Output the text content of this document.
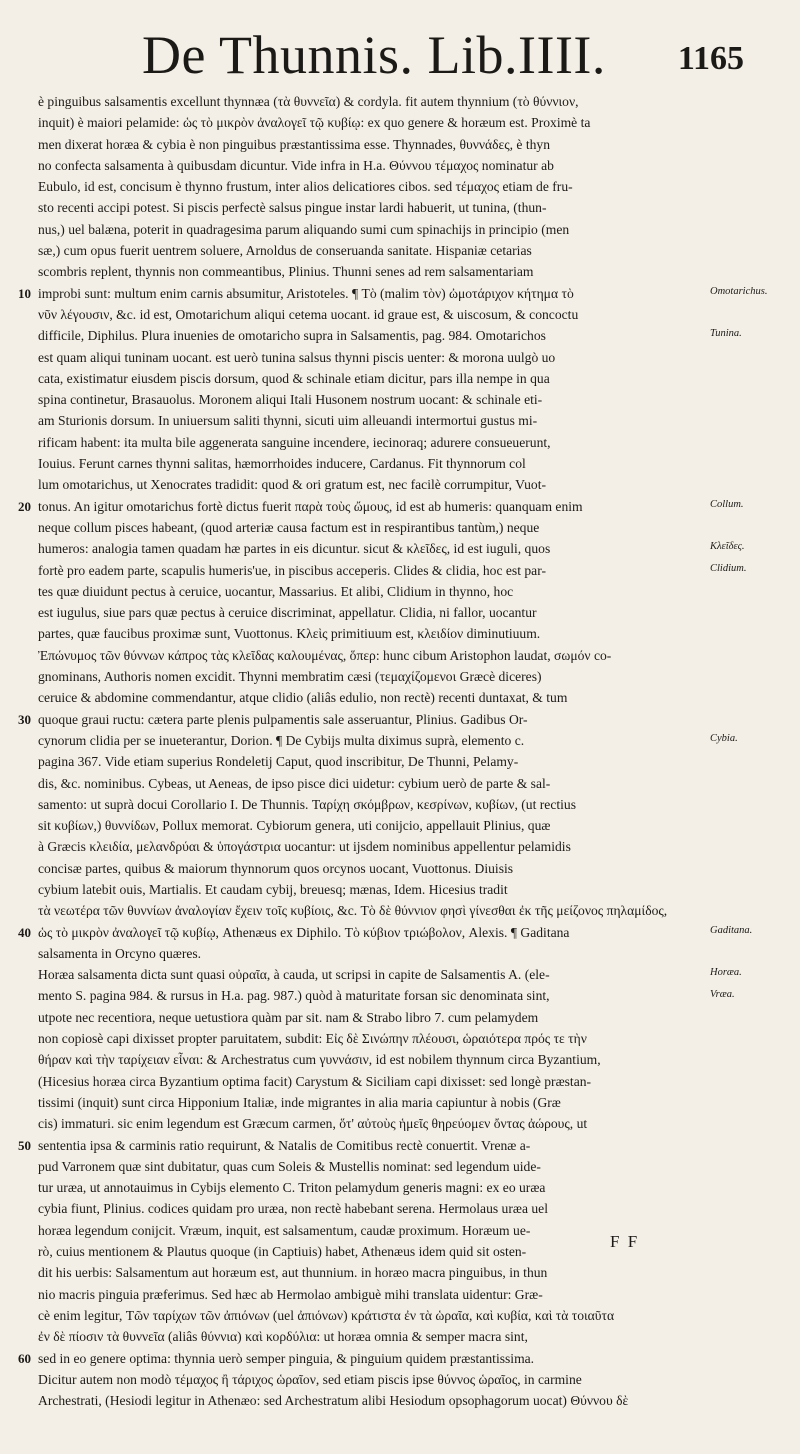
De Thunnis. Lib.IIII. 1165
è pinguibus salsamentis excellunt thynnæa (τὰ θυννεῖα) & cordyla. fit autem thynnium (τὸ θύννιον,
inquit) è maiori pelamide: ὡς τὸ μικρὸν ἀναλογεῖ τῷ κυβίῳ: ex quo genere & horæum est. Proximè ta
men dixerat horæa & cybia è non pinguibus præstantissima esse. Thynnades, θυννάδες, è thyn
no confecta salsamenta à quibusdam dicuntur. Vide infra in H.a. Θύννου τέμαχος nominatur ab
Eubulo, id est, concisum è thynno frustum, inter alios delicatiores cibos. sed τέμαχος etiam de fru-
sto recenti accipi potest. Si piscis perfectè salsus pingue instar lardi habuerit, ut tunina, (thun-
nus,) uel balæna, poterit in quadragesima parum aliquando sumi cum spinachijs in principio (men
sæ,) cum opus fuerit uentrem soluere, Arnoldus de conseruanda sanitate. Hispaniæ cetarias
scombris replent, thynnis non commeantibus, Plinius. Thunni senes ad rem salsamentariam
10 improbi sunt: multum enim carnis absumitur, Aristoteles. ¶ Τὸ (malim τὸν) ὠμοτάριχον κήτημα τὸ
νῦν λέγουσιν, &c. id est, Omotarichum aliqui cetema uocant. id graue est, & uiscosum, & concoctu
difficile, Diphilus. Plura inuenies de omotaricho supra in Salsamentis, pag. 984. Omotarichos
est quam aliqui tuninam uocant. est uerò tunina salsus thynni piscis uenter: & morona uulgò uo
cata, existimatur eiusdem piscis dorsum, quod & schinale etiam dicitur, pars illa nempe in qua
spina continetur, Brasauolus. Moronem aliqui Itali Husonem nostrum uocant: & schinale eti-
am Sturionis dorsum. In uniuersum saliti thynni, sicuti uim alleuandi intermortui gustus mi-
rificam habent: ita multa bile aggenerata sanguine incendere, iecinoraq; adurere consueuerunt,
Iouius. Ferunt carnes thynni salitas, hæmorrhoides inducere, Cardanus. Fit thynnorum col
lum omotarichus, ut Xenocrates tradidit: quod & ori gratum est, nec facilè corrumpitur, Vuot-
20 tonus. An igitur omotarichus fortè dictus fuerit παρὰ τοὺς ὤμους, id est ab humeris: quanquam enim
neque collum pisces habeant, (quod arteriæ causa factum est in respirantibus tantùm,) neque
humeros: analogia tamen quadam hæ partes in eis dicuntur. sicut & κλεῖδες, id est iuguli, quos
fortè pro eadem parte, scapulis humeris'ue, in piscibus acceperis. Clides & clidia, hoc est par-
tes quæ diuidunt pectus à ceruice, uocantur, Massarius. Et alibi, Clidium in thynno, hoc
est iugulus, siue pars quæ pectus à ceruice discriminat, appellatur. Clidia, ni fallor, uocantur
partes, quæ faucibus proximæ sunt, Vuottonus. Κλεὶς primitiuum est, κλειδίον diminutiuum.
Ἐπώνυμος τῶν θύννων κάπρος τὰς κλεῖδας καλουμένας, ὅπερ: hunc cibum Aristophon laudat, σωμόν co-
gnominans, Authoris nomen excidit. Thynni membratim cæsi (τεμαχίζομενοι Græcè diceres)
ceruice & abdomine commendantur, atque clidio (aliâs edulio, non rectè) recenti duntaxat, & tum
30 quoque graui ructu: cætera parte plenis pulpamentis sale asseruantur, Plinius. Gadibus Or-
cynorum clidia per se inueterantur, Dorion. ¶ De Cybijs multa diximus suprà, elemento c.
pagina 367. Vide etiam superius Rondeletij Caput, quod inscribitur, De Thunni, Pelamy-
dis, &c. nominibus. Cybeas, ut Aeneas, de ipso pisce dici uidetur: cybium uerò de parte & sal-
samento: ut suprà docui Corollario I. De Thunnis. Ταρίχη σκόμβρων, κεσρίνων, κυβίων, (ut rectius
sit κυβίων,) θυννίδων, Pollux memorat. Cybiorum genera, uti conijcio, appellauit Plinius, quæ
à Græcis κλειδία, μελανδρύαι & ὑπογάστρια uocantur: ut ijsdem nominibus appellentur pelamidis
concisæ partes, quibus & maiorum thynnorum quos orcynos uocant, Vuottonus. Diuisis
cybium latebit ouis, Martialis. Et caudam cybij, breuesq; mænas, Idem. Hicesius tradit
τὰ νεωτέρα τῶν θυννίων ἀναλογίαν ἔχειν τοῖς κυβίοις, &c. Τὸ δὲ θύννιον φησὶ γίνεσθαι ἐκ τῆς μείζονος πηλαμίδος,
40 ὡς τὸ μικρὸν ἀναλογεῖ τῷ κυβίῳ, Athenæus ex Diphilo. Τὸ κύβιον τριώβολον, Alexis. ¶ Gaditana
salsamenta in Orcyno quæres.
Horæa salsamenta dicta sunt quasi οὐραῖα, à cauda, ut scripsi in capite de Salsamentis A. (ele-
mento S. pagina 984. & rursus in H.a. pag. 987.) quòd à maturitate forsan sic denominata sint,
utpote nec recentiora, neque uetustiora quàm par sit. nam & Strabo libro 7. cum pelamydem
non copiosè capi dixisset propter paruitatem, subdit: Εἰς δὲ Σινώπην πλέουσι, ὡραιότερα πρός τε τὴν
θήραν καὶ τὴν ταρίχειαν εἶναι: & Archestratus cum γυννάσιν, id est nobilem thynnum circa Byzantium,
(Hicesius horæa circa Byzantium optima facit) Carystum & Siciliam capi dixisset: sed longè præstan-
tissimi (inquit) sunt circa Hipponium Italiæ, inde migrantes in alia maria capiuntur à nobis (Græ
cis) immaturi. sic enim legendum est Græcum carmen, ὅτ' αὐτοὺς ἡμεῖς θηρεύομεν ὄντας ἀώρους, ut
50 sententia ipsa & carminis ratio requirunt, & Natalis de Comitibus rectè conuertit. Vrenæ a-
pud Varronem quæ sint dubitatur, quas cum Soleis & Mustellis nominat: sed legendum uide-
tur uræa, ut annotauimus in Cybijs elemento C. Triton pelamydum generis magni: ex eo uræa
cybia fiunt, Plinius. codices quidam pro uræa, non rectè habebant serena. Hermolaus uræa uel
horæa legendum conijcit. Vræum, inquit, est salsamentum, caudæ proximum. Horæum ue-
rò, cuius mentionem & Plautus quoque (in Captiuis) habet, Athenæus idem quid sit osten-
dit his uerbis: Salsamentum aut horæum est, aut thunnium. in horæo macra pinguibus, in thun
nio macris pinguia præferimus. Sed hæc ab Hermolao ambiguè mihi translata uidentur: Græ-
cè enim legitur, Τῶν ταρίχων τῶν ἀπιόνων (uel ἀπιόνων) κράτιστα ἐν τὰ ὡραῖα, καὶ κυβία, καὶ τὰ τοιαῦτα
ἐν δὲ πίοσιν τὰ θυννεῖα (aliâs θύννια) καὶ κορδύλια: ut horæa omnia & semper macra sint,
60 sed in eo genere optima: thynnia uerò semper pinguia, & pinguium quidem præstantissima.
Dicitur autem non modò τέμαχος ἢ τάριχος ὡραῖον, sed etiam piscis ipse θύννος ὡραῖος, in carmine
Archestrati, (Hesiodi legitur in Athenæo: sed Archestratum alibi Hesiodum opsophagorum uocat) Θύννου δὲ
Omotarichus.
Tunina.
Collum.
Κλεῖδες.
Clidium.
Cybia.
Gaditana.
Horæa.
Vræa.
F F
